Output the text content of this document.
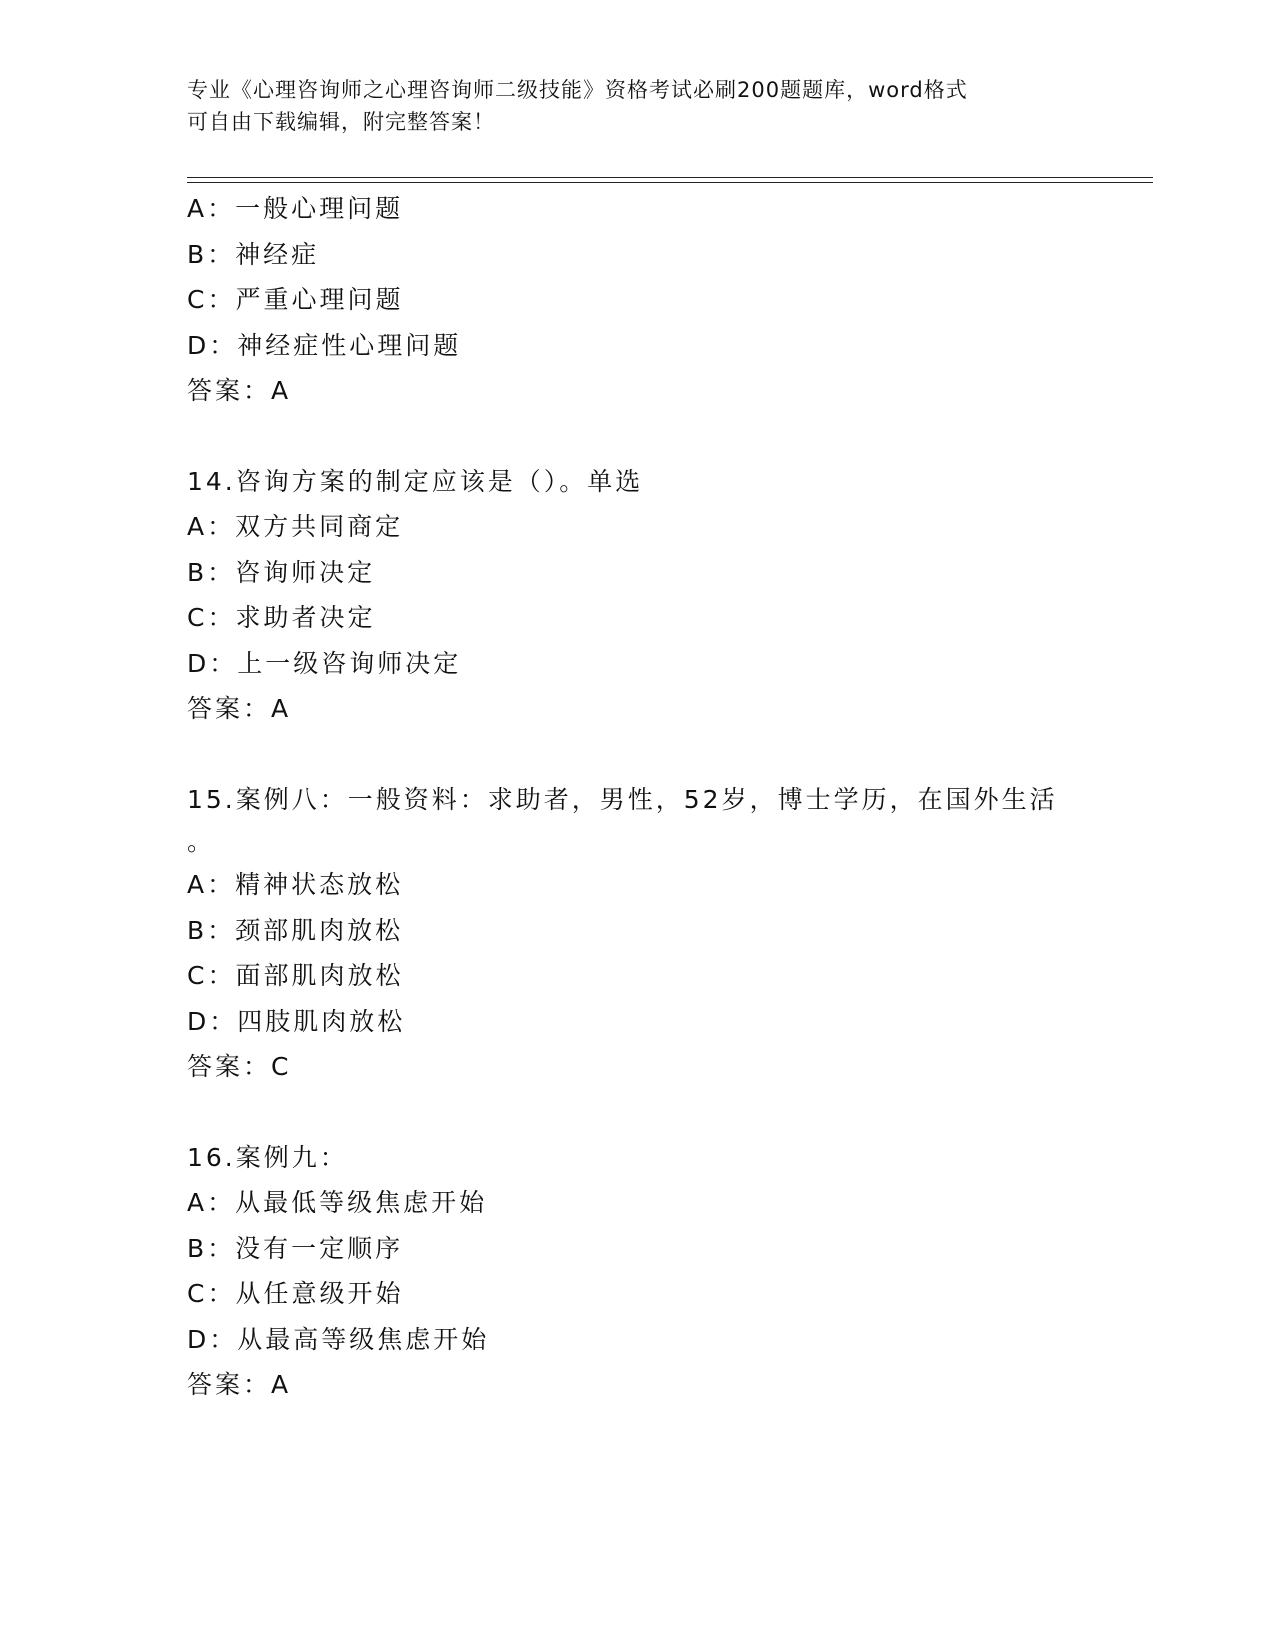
专业《心理咨询师之心理咨询师二级技能》资格考试必刷200题题库，word格式
可自由下载编辑，附完整答案！
A：一般心理问题
B：神经症
C：严重心理问题
D：神经症性心理问题
答案：A
14.咨询方案的制定应该是（）。单选
A：双方共同商定
B：咨询师决定
C：求助者决定
D：上一级咨询师决定
答案：A
15.案例八：一般资料：求助者，男性，52岁，博士学历，在国外生活
。
A：精神状态放松
B：颈部肌肉放松
C：面部肌肉放松
D：四肢肌肉放松
答案：C
16.案例九：
A：从最低等级焦虑开始
B：没有一定顺序
C：从任意级开始
D：从最高等级焦虑开始
答案：A
